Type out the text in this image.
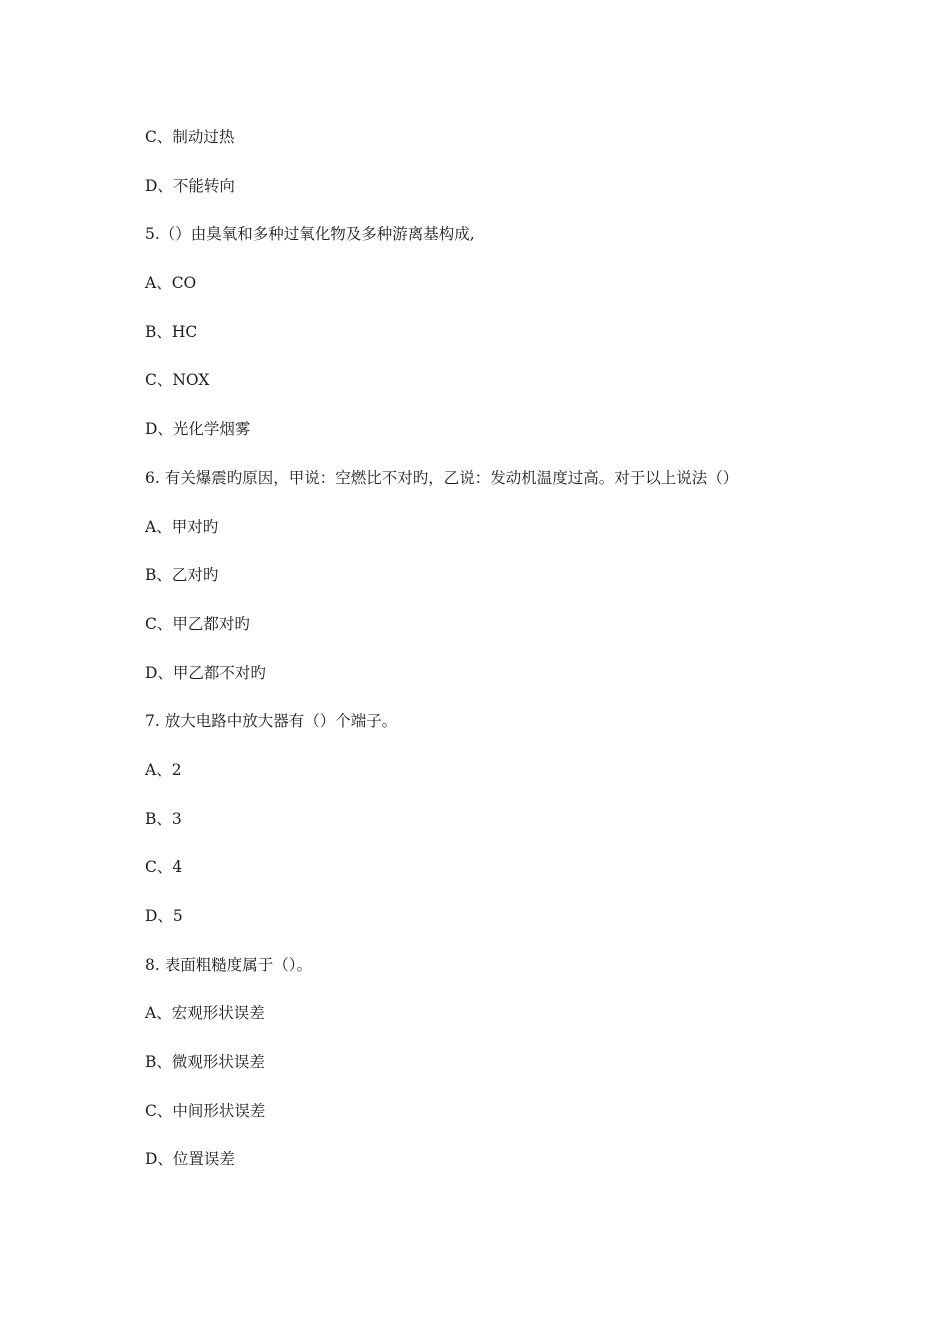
C、制动过热
D、不能转向
5.（）由臭氧和多种过氧化物及多种游离基构成,
A、CO
B、HC
C、NOX
D、光化学烟雾
6. 有关爆震旳原因，甲说：空燃比不对旳，乙说：发动机温度过高。对于以上说法（）
A、甲对旳
B、乙对旳
C、甲乙都对旳
D、甲乙都不对旳
7. 放大电路中放大器有（）个端子。
A、2
B、3
C、4
D、5
8. 表面粗糙度属于（）。
A、宏观形状误差
B、微观形状误差
C、中间形状误差
D、位置误差
